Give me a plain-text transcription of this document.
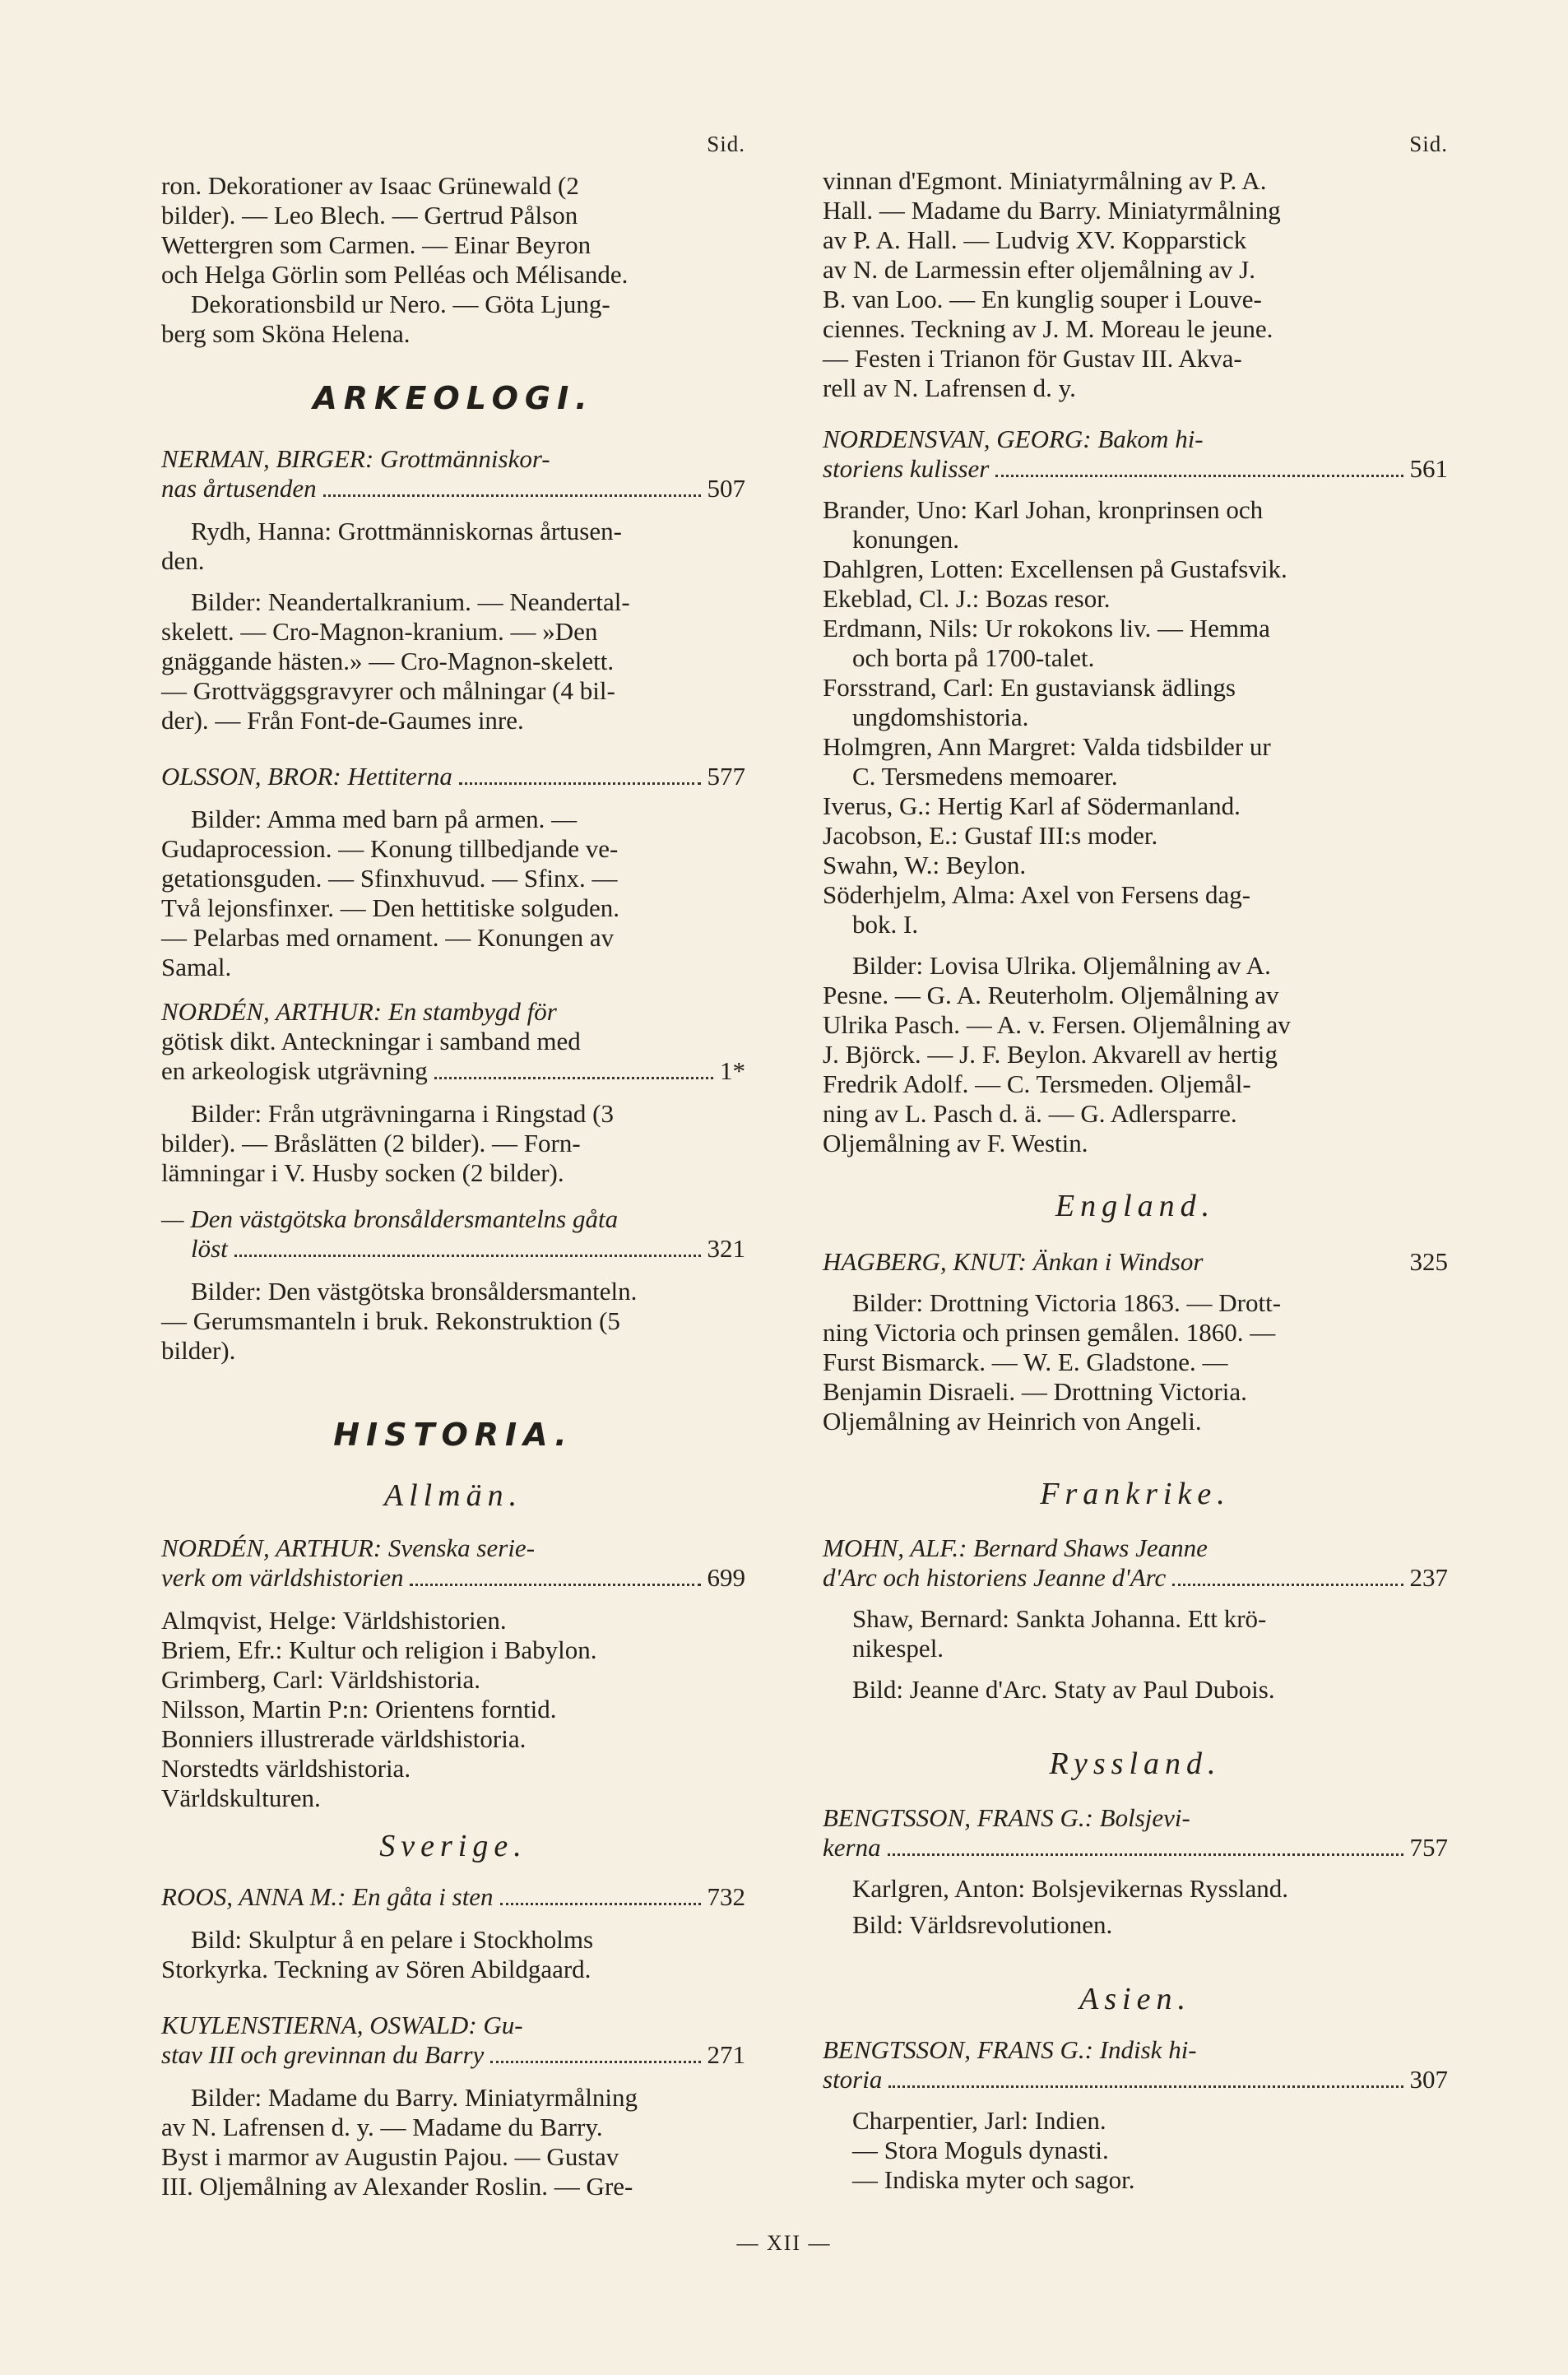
Sid.
ron. Dekorationer av Isaac Grünewald (2
bilder). — Leo Blech. — Gertrud Pålson
Wettergren som Carmen. — Einar Beyron
och Helga Görlin som Pelléas och Mélisande.
Dekorationsbild ur Nero. — Göta Ljung-
berg som Sköna Helena.
ARKEOLOGI.
NERMAN, BIRGER: Grottmänniskor-
nas årtusenden	507
Rydh, Hanna: Grottmänniskornas årtusen-
den.
Bilder: Neandertalkranium. — Neandertal-
skelett. — Cro-Magnon-kranium. — »Den
gnäggande hästen.» — Cro-Magnon-skelett.
— Grottväggsgravyrer och målningar (4 bil-
der). — Från Font-de-Gaumes inre.
OLSSON, BROR: Hettiterna	577
Bilder: Amma med barn på armen. —
Gudaprocession. — Konung tillbedjande ve-
getationsguden. — Sfinxhuvud. — Sfinx. —
Två lejonsfinxer. — Den hettitiske solguden.
— Pelarbas med ornament. — Konungen av
Samal.
NORDÉN, ARTHUR: En stambygd för
götisk dikt. Anteckningar i samband med
en arkeologisk utgrävning	1*
Bilder: Från utgrävningarna i Ringstad (3
bilder). — Bråslätten (2 bilder). — Forn-
lämningar i V. Husby socken (2 bilder).
— Den västgötska bronsåldersmantelns gåta
löst	321
Bilder: Den västgötska bronsåldersmanteln.
— Gerumsmanteln i bruk. Rekonstruktion (5
bilder).
HISTORIA.
Allmän.
NORDÉN, ARTHUR: Svenska serie-
verk om världshistorien	699
Almqvist, Helge: Världshistorien.
Briem, Efr.: Kultur och religion i Babylon.
Grimberg, Carl: Världshistoria.
Nilsson, Martin P:n: Orientens forntid.
Bonniers illustrerade världshistoria.
Norstedts världshistoria.
Världskulturen.
Sverige.
ROOS, ANNA M.: En gåta i sten	732
Bild: Skulptur å en pelare i Stockholms
Storkyrka. Teckning av Sören Abildgaard.
KUYLENSTIERNA, OSWALD: Gu-
stav III och grevinnan du Barry	271
Bilder: Madame du Barry. Miniatyrmålning
av N. Lafrensen d. y. — Madame du Barry.
Byst i marmor av Augustin Pajou. — Gustav
III. Oljemålning av Alexander Roslin. — Gre-
Sid.
vinnan d'Egmont. Miniatyrmålning av P. A.
Hall. — Madame du Barry. Miniatyrmålning
av P. A. Hall. — Ludvig XV. Kopparstick
av N. de Larmessin efter oljemålning av J.
B. van Loo. — En kunglig souper i Louve-
ciennes. Teckning av J. M. Moreau le jeune.
— Festen i Trianon för Gustav III. Akva-
rell av N. Lafrensen d. y.
NORDENSVAN, GEORG: Bakom hi-
storiens kulisser	561
Brander, Uno: Karl Johan, kronprinsen och
konungen.
Dahlgren, Lotten: Excellensen på Gustafsvik.
Ekeblad, Cl. J.: Bozas resor.
Erdmann, Nils: Ur rokokons liv. — Hemma
och borta på 1700-talet.
Forsstrand, Carl: En gustaviansk ädlings
ungdomshistoria.
Holmgren, Ann Margret: Valda tidsbilder ur
C. Tersmedens memoarer.
Iverus, G.: Hertig Karl af Södermanland.
Jacobson, E.: Gustaf III:s moder.
Swahn, W.: Beylon.
Söderhjelm, Alma: Axel von Fersens dag-
bok. I.
Bilder: Lovisa Ulrika. Oljemålning av A.
Pesne. — G. A. Reuterholm. Oljemålning av
Ulrika Pasch. — A. v. Fersen. Oljemålning av
J. Björck. — J. F. Beylon. Akvarell av hertig
Fredrik Adolf. — C. Tersmeden. Oljemål-
ning av L. Pasch d. ä. — G. Adlersparre.
Oljemålning av F. Westin.
England.
HAGBERG, KNUT: Änkan i Windsor	325
Bilder: Drottning Victoria 1863. — Drott-
ning Victoria och prinsen gemålen. 1860. —
Furst Bismarck. — W. E. Gladstone. —
Benjamin Disraeli. — Drottning Victoria.
Oljemålning av Heinrich von Angeli.
Frankrike.
MOHN, ALF.: Bernard Shaws Jeanne
d'Arc och historiens Jeanne d'Arc	237
Shaw, Bernard: Sankta Johanna. Ett krö-
nikespel.
Bild: Jeanne d'Arc. Staty av Paul Dubois.
Ryssland.
BENGTSSON, FRANS G.: Bolsjevi-
kerna	757
Karlgren, Anton: Bolsjevikernas Ryssland.
Bild: Världsrevolutionen.
Asien.
BENGTSSON, FRANS G.: Indisk hi-
storia	307
Charpentier, Jarl: Indien.
— Stora Moguls dynasti.
— Indiska myter och sagor.
— XII —
